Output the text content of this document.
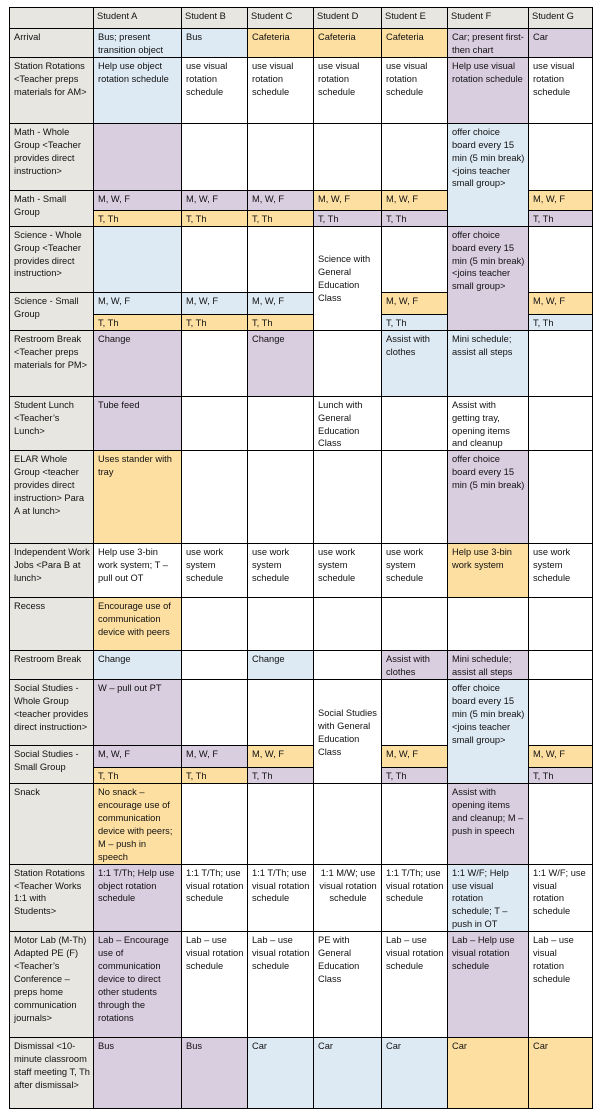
	Student A	Student B	Student C	Student D	Student E	Student F	Student G
Arrival	Bus; present transition object	Bus	Cafeteria	Cafeteria	Cafeteria	Car; present first-then chart	Car
Station Rotations <Teacher preps materials for AM>	Help use object rotation schedule	use visual rotation schedule	use visual rotation schedule	use visual rotation schedule	use visual rotation schedule	Help use visual rotation schedule	use visual rotation schedule
Math - Whole Group <Teacher provides direct instruction>						offer choice board every 15 min (5 min break) <joins teacher small group>	
Math - Small Group	M, W, F	M, W, F	M, W, F	M, W, F	M, W, F		M, W, F
	T, Th	T, Th	T, Th	T, Th	T, Th		T, Th
Science - Whole Group <Teacher provides direct instruction>				Science with General Education Class		offer choice board every 15 min (5 min break) <joins teacher small group>	
Science - Small Group	M, W, F	M, W, F	M, W, F		M, W, F		M, W, F
	T, Th	T, Th	T, Th		T, Th		T, Th
Restroom Break <Teacher preps materials for PM>	Change		Change		Assist with clothes	Mini schedule; assist all steps	
Student Lunch <Teacher’s Lunch>	Tube feed			Lunch with General Education Class		Assist with getting tray, opening items and cleanup	
ELAR Whole Group <teacher provides direct instruction> Para A at lunch>	Uses stander with tray					offer choice board every 15 min (5 min break)	
Independent Work Jobs <Para B at lunch>	Help use 3-bin work system; T – pull out OT	use work system schedule	use work system schedule	use work system schedule	use work system schedule	Help use 3-bin work system	use work system schedule
Recess	Encourage use of communication device with peers						
Restroom Break	Change		Change		Assist with clothes	Mini schedule; assist all steps	
Social Studies - Whole Group <teacher provides direct instruction>	W – pull out PT			Social Studies with General Education Class		offer choice board every 15 min (5 min break) <joins teacher small group>	
Social Studies - Small Group	M, W, F	M, W, F	M, W, F		M, W, F		M, W, F
	T, Th	T, Th	T, Th		T, Th		T, Th
Snack	No snack – encourage use of communication device with peers; M – push in speech					Assist with opening items and cleanup; M – push in speech	
Station Rotations <Teacher Works 1:1 with Students>	1:1 T/Th; Help use object rotation schedule	1:1 T/Th; use visual rotation schedule	1:1 T/Th; use visual rotation schedule	1:1 M/W; use visual rotation schedule	1:1 T/Th; use visual rotation schedule	1:1 W/F; Help use visual rotation schedule; T – push in OT	1:1 W/F; use visual rotation schedule
Motor Lab (M-Th) Adapted PE (F) <Teacher’s Conference – preps home communication journals>	Lab – Encourage use of communication device to direct other students through the rotations	Lab – use visual rotation schedule	Lab – use visual rotation schedule	PE with General Education Class	Lab – use visual rotation schedule	Lab – Help use visual rotation schedule	Lab – use visual rotation schedule
Dismissal <10-minute classroom staff meeting T, Th after dismissal>	Bus	Bus	Car	Car	Car	Car	Car
